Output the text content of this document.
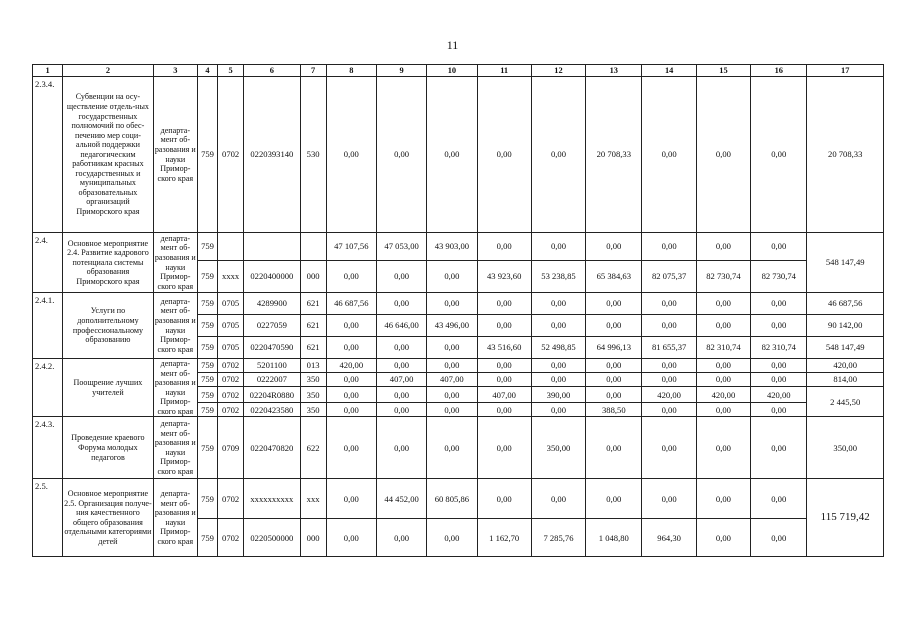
11
1	2	3	4	5	6	7	8	9	10	11	12	13	14	15	16	17
2.3.4.	Субвенции на осу-ществление отдель-ных государственных полномочий по обес-печению мер соци-альной поддержки педагогическим работникам красных государственных и муниципальных образовательных организаций Приморского края	департа-мент об-разования и науки Примор-ского края	759	0702	0220393140	530	0,00	0,00	0,00	0,00	0,00	20 708,33	0,00	0,00	0,00	20 708,33
2.4.	Основное мероприятие 2.4. Развитие кадрового потенциала системы образования Приморского края	департа-мент об-разования и науки Примор-ского края	759				47 107,56	47 053,00	43 903,00	0,00	0,00	0,00	0,00	0,00	0,00	548 147,49
			759	хххх	0220400000	000	0,00	0,00	0,00	43 923,60	53 238,85	65 384,63	82 075,37	82 730,74	82 730,74	
2.4.1.	Услуги по дополнительному профессиональному образованию	департа-мент об-разования и науки Примор-ского края	759	0705	4289900	621	46 687,56	0,00	0,00	0,00	0,00	0,00	0,00	0,00	0,00	46 687,56
			759	0705	0227059	621	0,00	46 646,00	43 496,00	0,00	0,00	0,00	0,00	0,00	0,00	90 142,00
			759	0705	0220470590	621	0,00	0,00	0,00	43 516,60	52 498,85	64 996,13	81 655,37	82 310,74	82 310,74	548 147,49
2.4.2.	Поощрение лучших учителей	департа-мент об-разования и науки Примор-ского края	759	0702	5201100	013	420,00	0,00	0,00	0,00	0,00	0,00	0,00	0,00	0,00	420,00
			759	0702	0222007	350	0,00	407,00	407,00	0,00	0,00	0,00	0,00	0,00	0,00	814,00
			759	0702	02204R0880	350	0,00	0,00	0,00	407,00	390,00	0,00	420,00	420,00	420,00	2 445,50
			759	0702	0220423580	350	0,00	0,00	0,00	0,00	0,00	388,50	0,00	0,00	0,00	
2.4.3.	Проведение краевого Форума молодых педагогов	департа-мент об-разования и науки Примор-ского края	759	0709	0220470820	622	0,00	0,00	0,00	0,00	350,00	0,00	0,00	0,00	0,00	350,00
2.5.	Основное мероприятие 2.5. Организация получе-ния качественного общего образования отдельными категориями детей	департа-мент об-разования и науки Примор-ского края	759	0702	хххххххххх	ххх	0,00	44 452,00	60 805,86	0,00	0,00	0,00	0,00	0,00	0,00	115 719,42
			759	0702	0220500000	000	0,00	0,00	0,00	1 162,70	7 285,76	1 048,80	964,30	0,00	0,00	
